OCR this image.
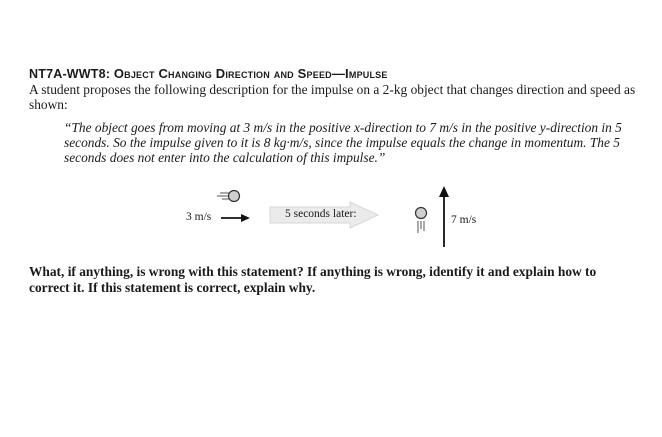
NT7A-WWT8: Object Changing Direction and Speed—Impulse
A student proposes the following description for the impulse on a 2-kg object that changes direction and speed as shown:
“The object goes from moving at 3 m/s in the positive x-direction to 7 m/s in the positive y-direction in 5 seconds. So the impulse given to it is 8 kg·m/s, since the impulse equals the change in momentum. The 5 seconds does not enter into the calculation of this impulse.”
3 m/s	5 seconds later:	7 m/s
What, if anything, is wrong with this statement? If anything is wrong, identify it and explain how to correct it. If this statement is correct, explain why.
